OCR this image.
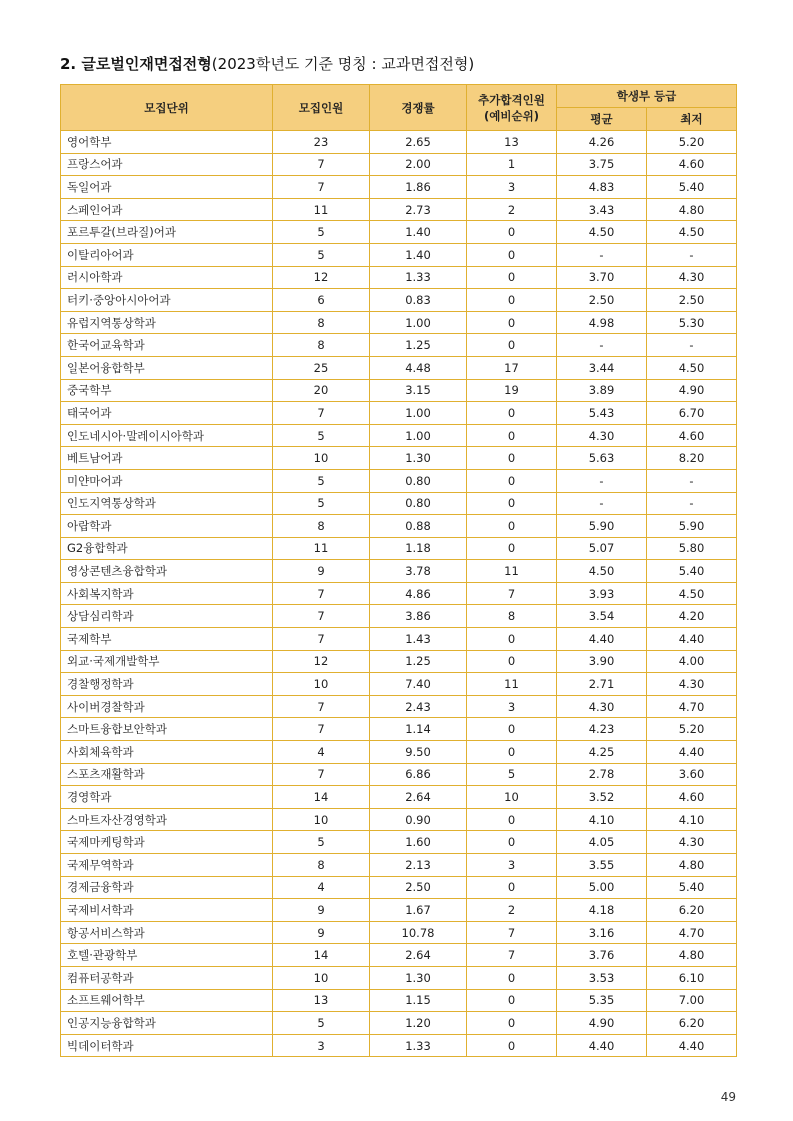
2. 글로벌인재면접전형(2023학년도 기준 명칭 : 교과면접전형)
모집단위	모집인원	경쟁률	추가합격인원
(예비순위)	학생부 등급	
				평균	최저
영어학부	23	2.65	13	4.26	5.20
프랑스어과	7	2.00	1	3.75	4.60
독일어과	7	1.86	3	4.83	5.40
스페인어과	11	2.73	2	3.43	4.80
포르투갈(브라질)어과	5	1.40	0	4.50	4.50
이탈리아어과	5	1.40	0	-	-
러시아학과	12	1.33	0	3.70	4.30
터키·중앙아시아어과	6	0.83	0	2.50	2.50
유럽지역통상학과	8	1.00	0	4.98	5.30
한국어교육학과	8	1.25	0	-	-
일본어융합학부	25	4.48	17	3.44	4.50
중국학부	20	3.15	19	3.89	4.90
태국어과	7	1.00	0	5.43	6.70
인도네시아·말레이시아학과	5	1.00	0	4.30	4.60
베트남어과	10	1.30	0	5.63	8.20
미얀마어과	5	0.80	0	-	-
인도지역통상학과	5	0.80	0	-	-
아랍학과	8	0.88	0	5.90	5.90
G2융합학과	11	1.18	0	5.07	5.80
영상콘텐츠융합학과	9	3.78	11	4.50	5.40
사회복지학과	7	4.86	7	3.93	4.50
상담심리학과	7	3.86	8	3.54	4.20
국제학부	7	1.43	0	4.40	4.40
외교·국제개발학부	12	1.25	0	3.90	4.00
경찰행정학과	10	7.40	11	2.71	4.30
사이버경찰학과	7	2.43	3	4.30	4.70
스마트융합보안학과	7	1.14	0	4.23	5.20
사회체육학과	4	9.50	0	4.25	4.40
스포츠재활학과	7	6.86	5	2.78	3.60
경영학과	14	2.64	10	3.52	4.60
스마트자산경영학과	10	0.90	0	4.10	4.10
국제마케팅학과	5	1.60	0	4.05	4.30
국제무역학과	8	2.13	3	3.55	4.80
경제금융학과	4	2.50	0	5.00	5.40
국제비서학과	9	1.67	2	4.18	6.20
항공서비스학과	9	10.78	7	3.16	4.70
호텔·관광학부	14	2.64	7	3.76	4.80
컴퓨터공학과	10	1.30	0	3.53	6.10
소프트웨어학부	13	1.15	0	5.35	7.00
인공지능융합학과	5	1.20	0	4.90	6.20
빅데이터학과	3	1.33	0	4.40	4.40
49
